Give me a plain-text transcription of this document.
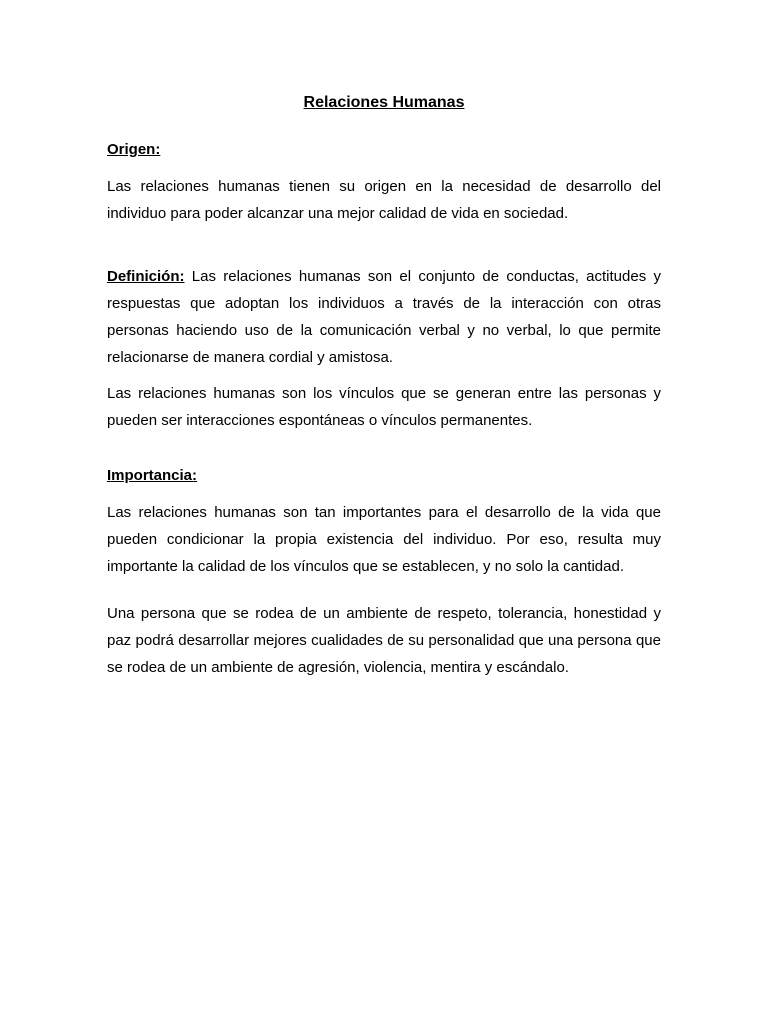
Relaciones Humanas
Origen:

Las relaciones humanas tienen su origen en la necesidad de desarrollo del individuo para poder alcanzar una mejor calidad de vida en sociedad.

Definición: Las relaciones humanas son el conjunto de conductas, actitudes y respuestas que adoptan los individuos a través de la interacción con otras personas haciendo uso de la comunicación verbal y no verbal, lo que permite relacionarse de manera cordial y amistosa.

Las relaciones humanas son los vínculos que se generan entre las personas y pueden ser interacciones espontáneas o vínculos permanentes.

Importancia:

Las relaciones humanas son tan importantes para el desarrollo de la vida que pueden condicionar la propia existencia del individuo. Por eso, resulta muy importante la calidad de los vínculos que se establecen, y no solo la cantidad.

Una persona que se rodea de un ambiente de respeto, tolerancia, honestidad y paz podrá desarrollar mejores cualidades de su personalidad que una persona que se rodea de un ambiente de agresión, violencia, mentira y escándalo.
